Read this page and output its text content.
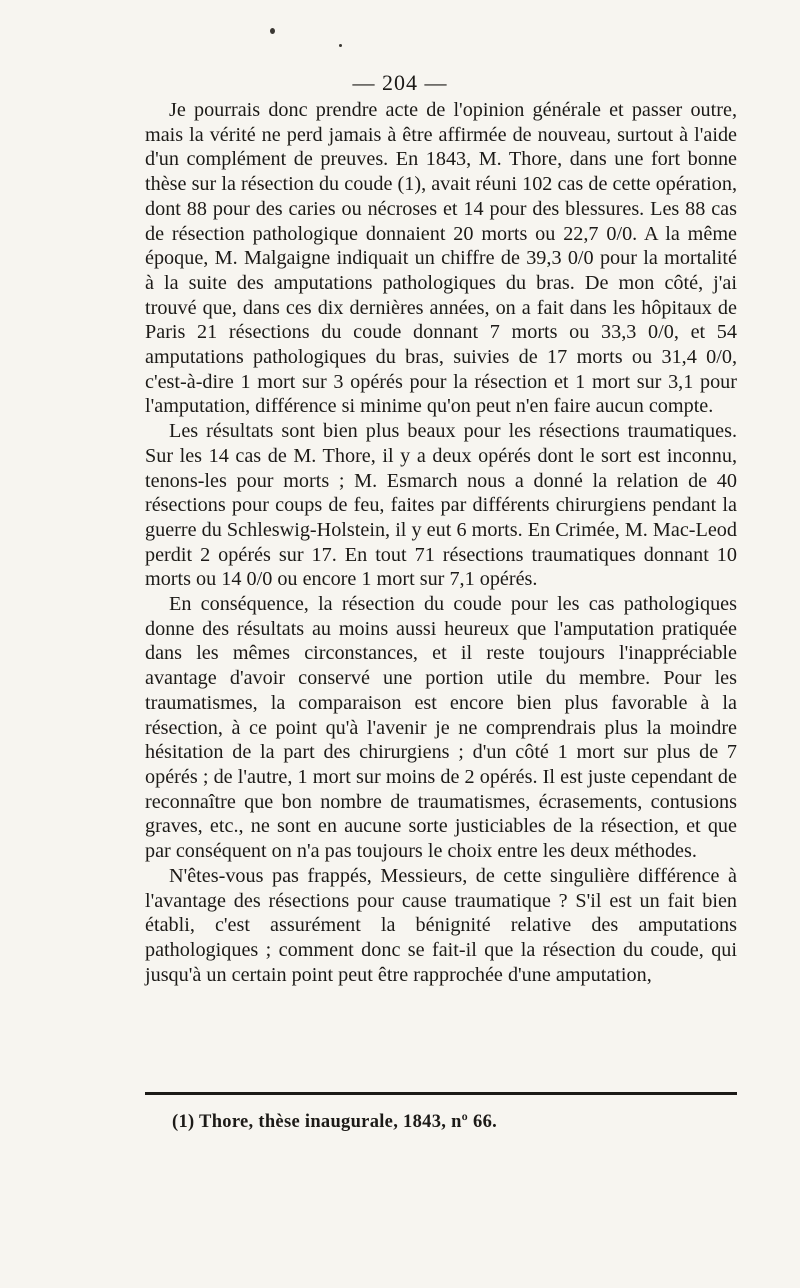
— 204 —

Je pourrais donc prendre acte de l'opinion générale et passer outre, mais la vérité ne perd jamais à être affirmée de nouveau, surtout à l'aide d'un complément de preuves. En 1843, M. Thore, dans une fort bonne thèse sur la résection du coude (1), avait réuni 102 cas de cette opération, dont 88 pour des caries ou nécroses et 14 pour des blessures. Les 88 cas de résection pathologique donnaient 20 morts ou 22,7 0/0. A la même époque, M. Malgaigne indiquait un chiffre de 39,3 0/0 pour la mortalité à la suite des amputations pathologiques du bras. De mon côté, j'ai trouvé que, dans ces dix dernières années, on a fait dans les hôpitaux de Paris 21 résections du coude donnant 7 morts ou 33,3 0/0, et 54 amputations pathologiques du bras, suivies de 17 morts ou 31,4 0/0, c'est-à-dire 1 mort sur 3 opérés pour la résection et 1 mort sur 3,1 pour l'amputation, différence si minime qu'on peut n'en faire aucun compte.

Les résultats sont bien plus beaux pour les résections traumatiques. Sur les 14 cas de M. Thore, il y a deux opérés dont le sort est inconnu, tenons-les pour morts ; M. Esmarch nous a donné la relation de 40 résections pour coups de feu, faites par différents chirurgiens pendant la guerre du Schleswig-Holstein, il y eut 6 morts. En Crimée, M. Mac-Leod perdit 2 opérés sur 17. En tout 71 résections traumatiques donnant 10 morts ou 14 0/0 ou encore 1 mort sur 7,1 opérés.

En conséquence, la résection du coude pour les cas pathologiques donne des résultats au moins aussi heureux que l'amputation pratiquée dans les mêmes circonstances, et il reste toujours l'inappréciable avantage d'avoir conservé une portion utile du membre. Pour les traumatismes, la comparaison est encore bien plus favorable à la résection, à ce point qu'à l'avenir je ne comprendrais plus la moindre hésitation de la part des chirurgiens ; d'un côté 1 mort sur plus de 7 opérés ; de l'autre, 1 mort sur moins de 2 opérés. Il est juste cependant de reconnaître que bon nombre de traumatismes, écrasements, contusions graves, etc., ne sont en aucune sorte justiciables de la résection, et que par conséquent on n'a pas toujours le choix entre les deux méthodes.

N'êtes-vous pas frappés, Messieurs, de cette singulière différence à l'avantage des résections pour cause traumatique ? S'il est un fait bien établi, c'est assurément la bénignité relative des amputations pathologiques ; comment donc se fait-il que la résection du coude, qui jusqu'à un certain point peut être rapprochée d'une amputation,

(1) Thore, thèse inaugurale, 1843, nº 66.
